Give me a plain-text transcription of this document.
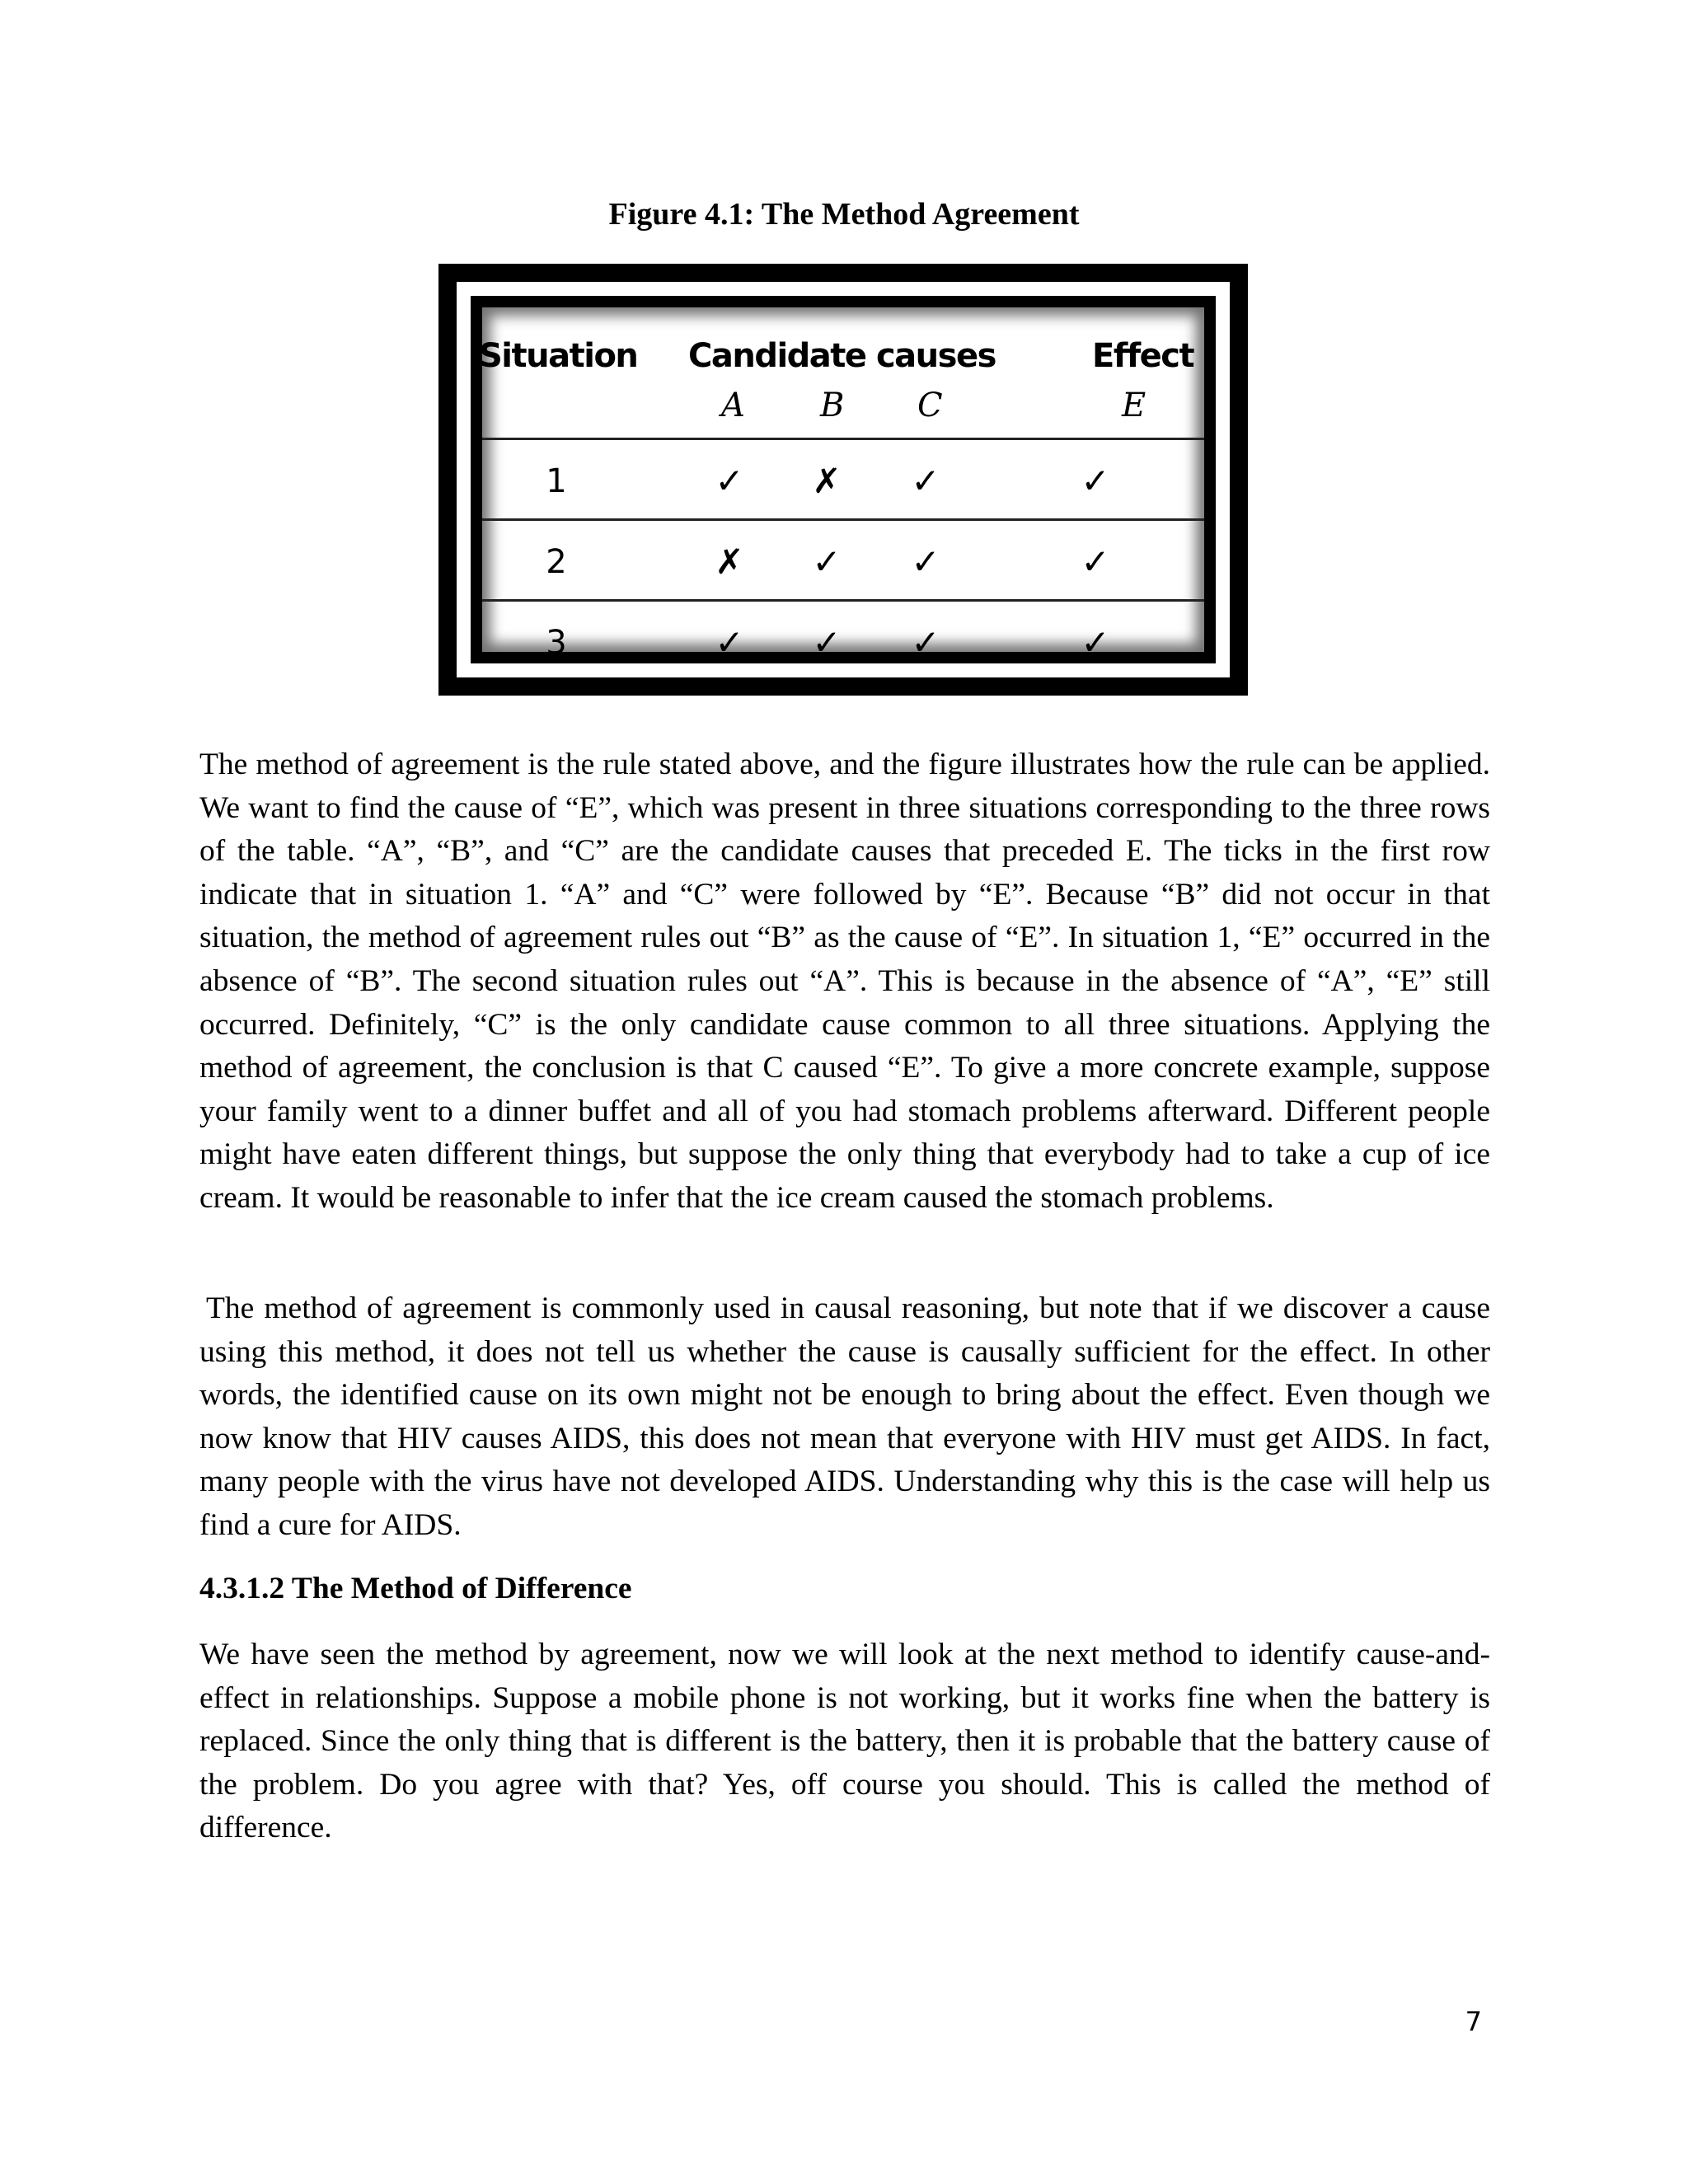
Figure 4.1: The Method Agreement
Situation Candidate causes	Effect
A B C	E
1	✓ ✗ ✓	✓
2	✗ ✓ ✓	✓
3	✓ ✓ ✓	✓

The method of agreement is the rule stated above, and the figure illustrates how the rule can be applied. We want to find the cause of “E”, which was present in three situations corresponding to the three rows of the table. “A”, “B”, and “C” are the candidate causes that preceded E. The ticks in the first row indicate that in situation 1. “A” and “C” were followed by “E”. Because “B” did not occur in that situation, the method of agreement rules out “B” as the cause of “E”. In situation 1, “E” occurred in the absence of “B”. The second situation rules out “A”. This is because in the absence of “A”, “E” still occurred. Definitely, “C” is the only candidate cause common to all three situations. Applying the method of agreement, the conclusion is that C caused “E”. To give a more concrete example, suppose your family went to a dinner buffet and all of you had stomach problems afterward. Different people might have eaten different things, but suppose the only thing that everybody had to take a cup of ice cream. It would be reasonable to infer that the ice cream caused the stomach problems.

The method of agreement is commonly used in causal reasoning, but note that if we discover a cause using this method, it does not tell us whether the cause is causally sufficient for the effect. In other words, the identified cause on its own might not be enough to bring about the effect. Even though we now know that HIV causes AIDS, this does not mean that everyone with HIV must get AIDS. In fact, many people with the virus have not developed AIDS. Understanding why this is the case will help us find a cure for AIDS.

4.3.1.2 The Method of Difference

We have seen the method by agreement, now we will look at the next method to identify cause-and-effect in relationships. Suppose a mobile phone is not working, but it works fine when the battery is replaced. Since the only thing that is different is the battery, then it is probable that the battery cause of the problem. Do you agree with that? Yes, off course you should. This is called the method of difference.

7
